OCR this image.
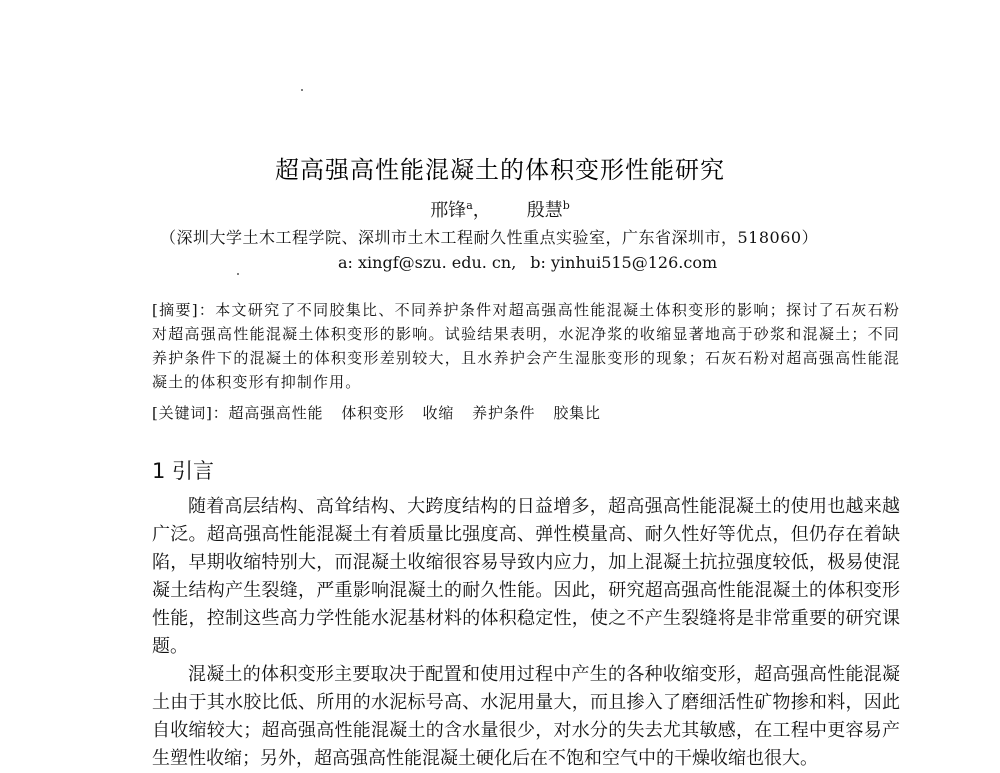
超高强高性能混凝土的体积变形性能研究
邢锋$^a$， 殷慧$^b$
（深圳大学土木工程学院、深圳市土木工程耐久性重点实验室，广东省深圳市，518060）
a: xingf@szu. edu. cn, b: yinhui515@126.com
[摘要]：本文研究了不同胶集比、不同养护条件对超高强高性能混凝土体积变形的影响；探讨了石灰石粉对超高强高性能混凝土体积变形的影响。试验结果表明，水泥净浆的收缩显著地高于砂浆和混凝土；不同养护条件下的混凝土的体积变形差别较大，且水养护会产生湿胀变形的现象；石灰石粉对超高强高性能混凝土的体积变形有抑制作用。
[关键词]：超高强高性能 体积变形 收缩 养护条件 胶集比
1 引言

随着高层结构、高耸结构、大跨度结构的日益增多，超高强高性能混凝土的使用也越来越广泛。超高强高性能混凝土有着质量比强度高、弹性模量高、耐久性好等优点，但仍存在着缺陷，早期收缩特别大，而混凝土收缩很容易导致内应力，加上混凝土抗拉强度较低，极易使混凝土结构产生裂缝，严重影响混凝土的耐久性能。因此，研究超高强高性能混凝土的体积变形性能，控制这些高力学性能水泥基材料的体积稳定性，使之不产生裂缝将是非常重要的研究课题。

混凝土的体积变形主要取决于配置和使用过程中产生的各种收缩变形，超高强高性能混凝土由于其水胶比低、所用的水泥标号高、水泥用量大，而且掺入了磨细活性矿物掺和料，因此自收缩较大；超高强高性能混凝土的含水量很少，对水分的失去尤其敏感，在工程中更容易产生塑性收缩；另外，超高强高性能混凝土硬化后在不饱和空气中的干燥收缩也很大。
